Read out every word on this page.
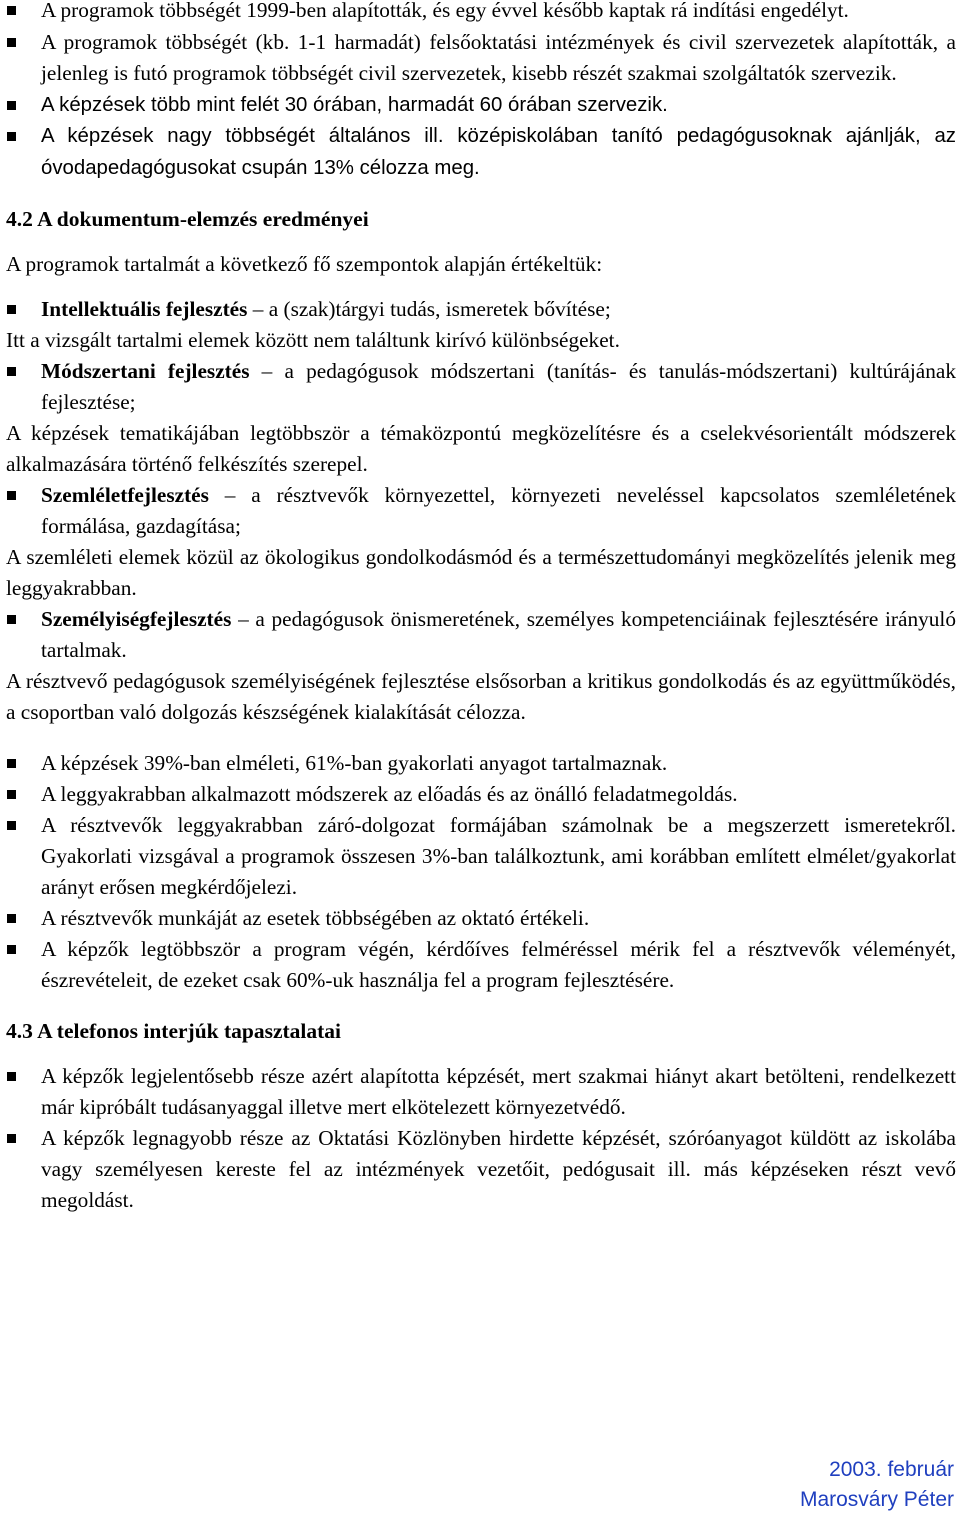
A programok többségét 1999-ben alapították, és egy évvel később kaptak rá indítási engedélyt.
A programok többségét (kb. 1-1 harmadát) felsőoktatási intézmények és civil szervezetek alapították, a jelenleg is futó programok többségét civil szervezetek, kisebb részét szakmai szolgáltatók szervezik.
A képzések több mint felét 30 órában, harmadát 60 órában szervezik.
A képzések nagy többségét általános ill. középiskolában tanító pedagógusoknak ajánlják, az óvodapedagógusokat csupán 13% célozza meg.

4.2 A dokumentum-elemzés eredményei

A programok tartalmát a következő fő szempontok alapján értékeltük:

Intellektuális fejlesztés – a (szak)tárgyi tudás, ismeretek bővítése;

Itt a vizsgált tartalmi elemek között nem találtunk kirívó különbségeket.

Módszertani fejlesztés – a pedagógusok módszertani (tanítás- és tanulás-módszertani) kultúrájának fejlesztése;

A képzések tematikájában legtöbbször a témaközpontú megközelítésre és a cselekvésorientált módszerek alkalmazására történő felkészítés szerepel.

Szemléletfejlesztés – a résztvevők környezettel, környezeti neveléssel kapcsolatos szemléletének formálása, gazdagítása;

A szemléleti elemek közül az ökologikus gondolkodásmód és a természettudományi megközelítés jelenik meg leggyakrabban.

Személyiségfejlesztés – a pedagógusok önismeretének, személyes kompetenciáinak fejlesztésére irányuló tartalmak.

A résztvevő pedagógusok személyiségének fejlesztése elsősorban a kritikus gondolkodás és az együttműködés, a csoportban való dolgozás készségének kialakítását célozza.

A képzések 39%-ban elméleti, 61%-ban gyakorlati anyagot tartalmaznak.
A leggyakrabban alkalmazott módszerek az előadás és az önálló feladatmegoldás.
A résztvevők leggyakrabban záró-dolgozat formájában számolnak be a megszerzett ismeretekről. Gyakorlati vizsgával a programok összesen 3%-ban találkoztunk, ami korábban említett elmélet/gyakorlat arányt erősen megkérdőjelezi.
A résztvevők munkáját az esetek többségében az oktató értékeli.
A képzők legtöbbször a program végén, kérdőíves felméréssel mérik fel a résztvevők véleményét, észrevételeit, de ezeket csak 60%-uk használja fel a program fejlesztésére.

4.3 A telefonos interjúk tapasztalatai

A képzők legjelentősebb része azért alapította képzését, mert szakmai hiányt akart betölteni, rendelkezett már kipróbált tudásanyaggal illetve mert elkötelezett környezetvédő.
A képzők legnagyobb része az Oktatási Közlönyben hirdette képzését, szóróanyagot küldött az iskolába vagy személyesen kereste fel az intézmények vezetőit, pedógusait ill. más képzéseken részt vevő megoldást.
2003. február
Marosváry Péter
